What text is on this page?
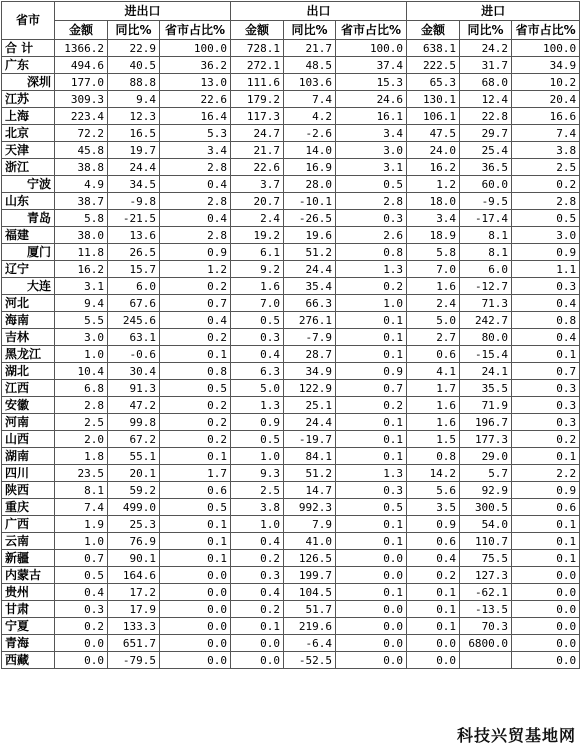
省市	进出口			出口			进口		
	金额	同比%	省市占比%	金额	同比%	省市占比%	金额	同比%	省市占比%
合 计	1366.2	22.9	100.0	728.1	21.7	100.0	638.1	24.2	100.0
广东	494.6	40.5	36.2	272.1	48.5	37.4	222.5	31.7	34.9
深圳	177.0	88.8	13.0	111.6	103.6	15.3	65.3	68.0	10.2
江苏	309.3	9.4	22.6	179.2	7.4	24.6	130.1	12.4	20.4
上海	223.4	12.3	16.4	117.3	4.2	16.1	106.1	22.8	16.6
北京	72.2	16.5	5.3	24.7	-2.6	3.4	47.5	29.7	7.4
天津	45.8	19.7	3.4	21.7	14.0	3.0	24.0	25.4	3.8
浙江	38.8	24.4	2.8	22.6	16.9	3.1	16.2	36.5	2.5
宁波	4.9	34.5	0.4	3.7	28.0	0.5	1.2	60.0	0.2
山东	38.7	-9.8	2.8	20.7	-10.1	2.8	18.0	-9.5	2.8
青岛	5.8	-21.5	0.4	2.4	-26.5	0.3	3.4	-17.4	0.5
福建	38.0	13.6	2.8	19.2	19.6	2.6	18.9	8.1	3.0
厦门	11.8	26.5	0.9	6.1	51.2	0.8	5.8	8.1	0.9
辽宁	16.2	15.7	1.2	9.2	24.4	1.3	7.0	6.0	1.1
大连	3.1	6.0	0.2	1.6	35.4	0.2	1.6	-12.7	0.3
河北	9.4	67.6	0.7	7.0	66.3	1.0	2.4	71.3	0.4
海南	5.5	245.6	0.4	0.5	276.1	0.1	5.0	242.7	0.8
吉林	3.0	63.1	0.2	0.3	-7.9	0.1	2.7	80.0	0.4
黑龙江	1.0	-0.6	0.1	0.4	28.7	0.1	0.6	-15.4	0.1
湖北	10.4	30.4	0.8	6.3	34.9	0.9	4.1	24.1	0.7
江西	6.8	91.3	0.5	5.0	122.9	0.7	1.7	35.5	0.3
安徽	2.8	47.2	0.2	1.3	25.1	0.2	1.6	71.9	0.3
河南	2.5	99.8	0.2	0.9	24.4	0.1	1.6	196.7	0.3
山西	2.0	67.2	0.2	0.5	-19.7	0.1	1.5	177.3	0.2
湖南	1.8	55.1	0.1	1.0	84.1	0.1	0.8	29.0	0.1
四川	23.5	20.1	1.7	9.3	51.2	1.3	14.2	5.7	2.2
陕西	8.1	59.2	0.6	2.5	14.7	0.3	5.6	92.9	0.9
重庆	7.4	499.0	0.5	3.8	992.3	0.5	3.5	300.5	0.6
广西	1.9	25.3	0.1	1.0	7.9	0.1	0.9	54.0	0.1
云南	1.0	76.9	0.1	0.4	41.0	0.1	0.6	110.7	0.1
新疆	0.7	90.1	0.1	0.2	126.5	0.0	0.4	75.5	0.1
内蒙古	0.5	164.6	0.0	0.3	199.7	0.0	0.2	127.3	0.0
贵州	0.4	17.2	0.0	0.4	104.5	0.1	0.1	-62.1	0.0
甘肃	0.3	17.9	0.0	0.2	51.7	0.0	0.1	-13.5	0.0
宁夏	0.2	133.3	0.0	0.1	219.6	0.0	0.1	70.3	0.0
青海	0.0	651.7	0.0	0.0	-6.4	0.0	0.0	6800.0	0.0
西藏	0.0	-79.5	0.0	0.0	-52.5	0.0	0.0		0.0
科技兴贸基地网
